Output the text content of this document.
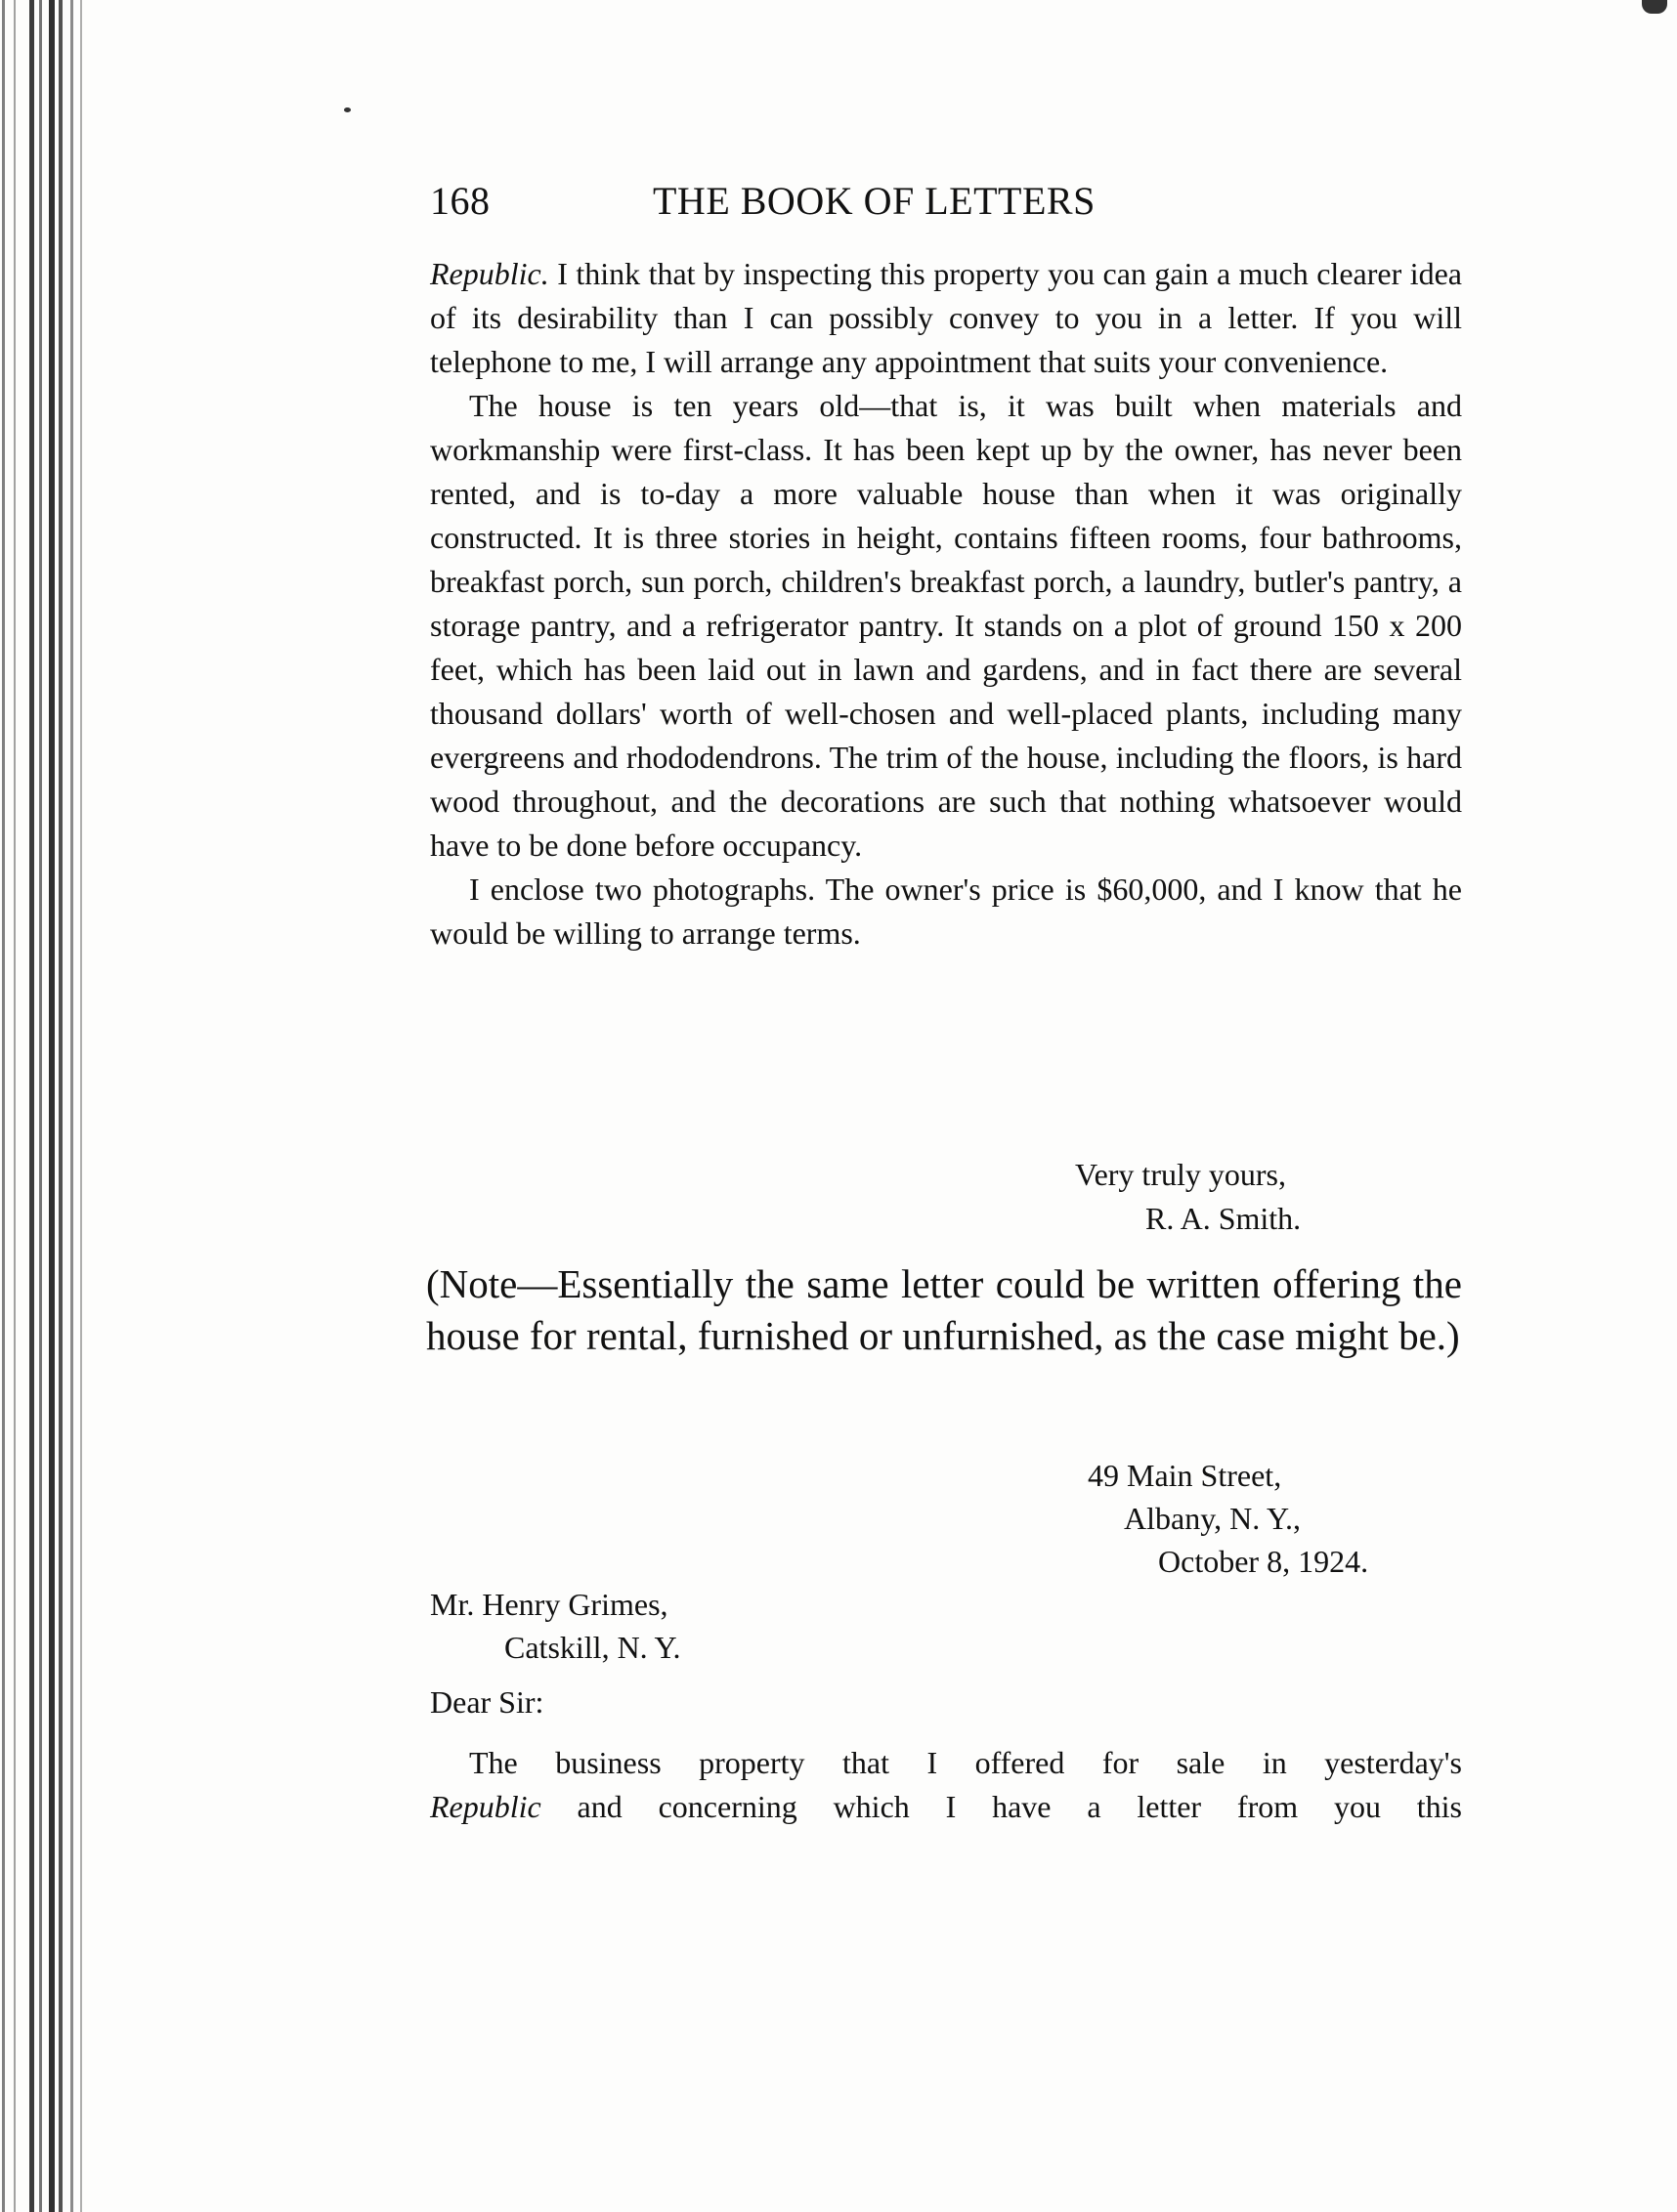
168	THE BOOK OF LETTERS

Republic. I think that by inspecting this property you can gain a much clearer idea of its desirability than I can possibly convey to you in a letter. If you will telephone to me, I will arrange any appointment that suits your convenience.

The house is ten years old—that is, it was built when materials and workmanship were first-class. It has been kept up by the owner, has never been rented, and is to-day a more valuable house than when it was originally constructed. It is three stories in height, contains fifteen rooms, four bathrooms, breakfast porch, sun porch, children's breakfast porch, a laundry, butler's pantry, a storage pantry, and a refrigerator pantry. It stands on a plot of ground 150 x 200 feet, which has been laid out in lawn and gardens, and in fact there are several thousand dollars' worth of well-chosen and well-placed plants, including many evergreens and rhododendrons. The trim of the house, including the floors, is hard wood throughout, and the decorations are such that nothing whatsoever would have to be done before occupancy.

I enclose two photographs. The owner's price is $60,000, and I know that he would be willing to arrange terms.

Very truly yours,
R. A. Smith.
(Note—Essentially the same letter could be written offering the house for rental, furnished or unfurnished, as the case might be.)
49 Main Street,
Albany, N. Y.,
October 8, 1924.
Mr. Henry Grimes,
Catskill, N. Y.
Dear Sir:

The business property that I offered for sale in yesterday's

Republic and concerning which I have a letter from you this
